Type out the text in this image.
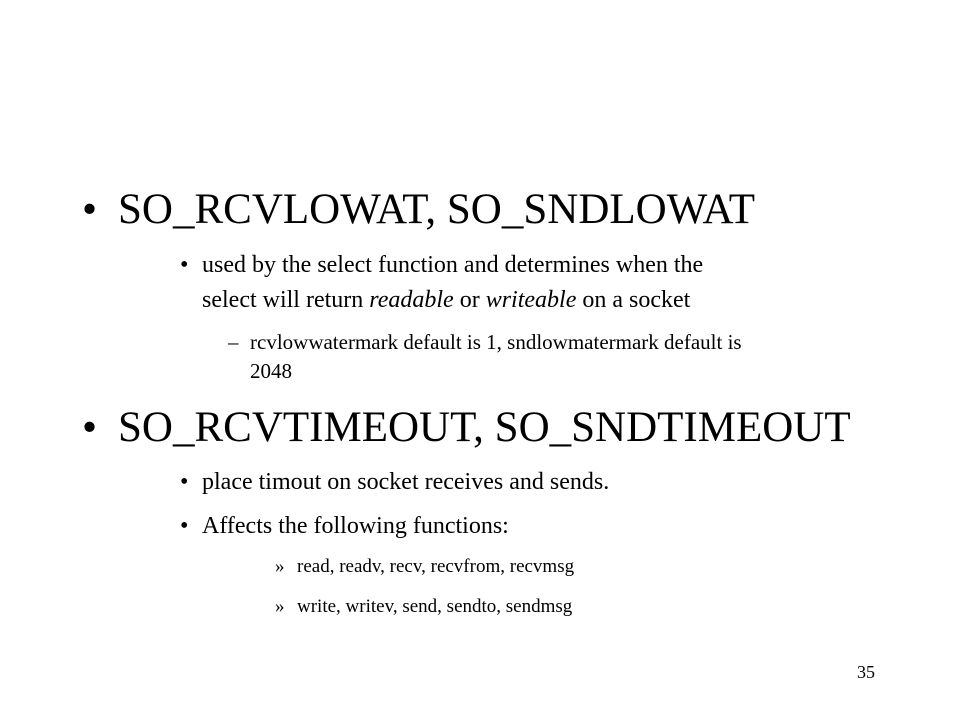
• SO_RCVLOWAT, SO_SNDLOWAT
• used by the select function and determines when the
select will return readable or writeable on a socket
– rcvlowwatermark default is 1, sndlowmatermark default is
2048
• SO_RCVTIMEOUT, SO_SNDTIMEOUT
• place timout on socket receives and sends.
• Affects the following functions:
» read, readv, recv, recvfrom, recvmsg
» write, writev, send, sendto, sendmsg
35
